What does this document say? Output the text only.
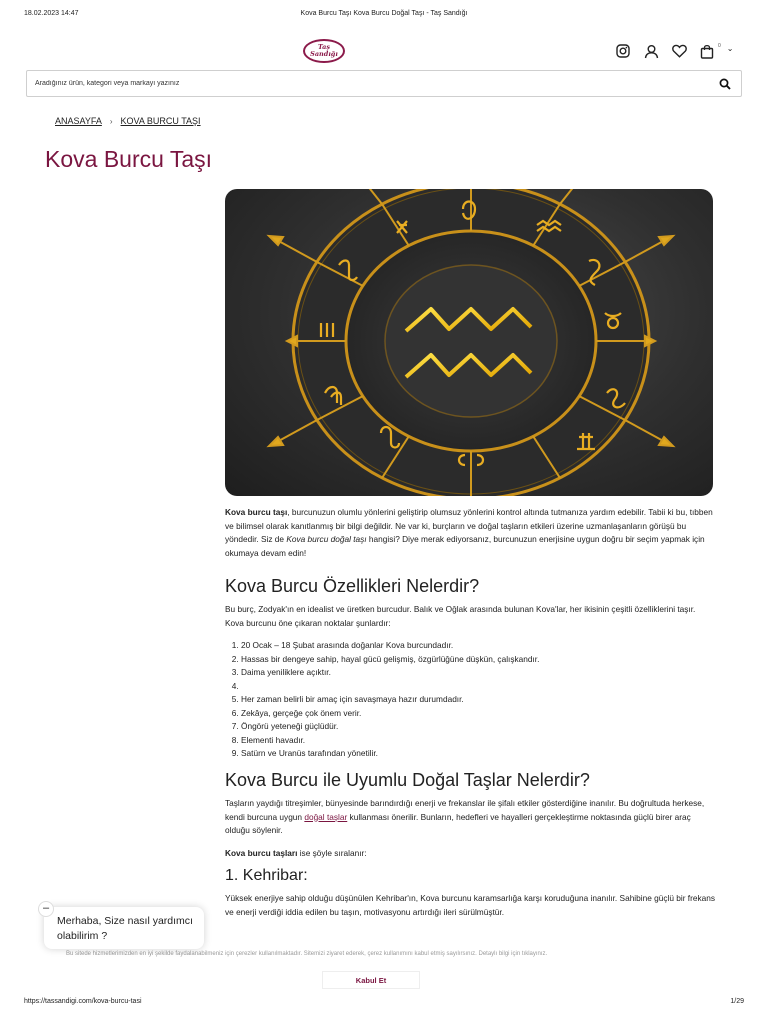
18.02.2023 14:47	Kova Burcu Taşı Kova Burcu Doğal Taşı - Taş Sandığı
Taş
Sandığı
0 ⌄
Aradığınız ürün, kategori veya markayı yazınız
ANASAYFA › KOVA BURCU TAŞI
Kova Burcu Taşı

Kova burcu taşı, burcunuzun olumlu yönlerini geliştirip olumsuz yönlerini kontrol altında tutmanıza yardım edebilir. Tabii ki bu, tıbben ve bilimsel olarak kanıtlanmış bir bilgi değildir. Ne var ki, burçların ve doğal taşların etkileri üzerine uzmanlaşanların görüşü bu yöndedir. Siz de Kova burcu doğal taşı hangisi? Diye merak ediyorsanız, burcunuzun enerjisine uygun doğru bir seçim yapmak için okumaya devam edin!

Kova Burcu Özellikleri Nelerdir?

Bu burç, Zodyak'ın en idealist ve üretken burcudur. Balık ve Oğlak arasında bulunan Kova'lar, her ikisinin çeşitli özelliklerini taşır. Kova burcunu öne çıkaran noktalar şunlardır:

1. 20 Ocak – 18 Şubat arasında doğanlar Kova burcundadır.
2. Hassas bir dengeye sahip, hayal gücü gelişmiş, özgürlüğüne düşkün, çalışkandır.
3. Daima yeniliklere açıktır.
4.
5. Her zaman belirli bir amaç için savaşmaya hazır durumdadır.
6. Zekâya, gerçeğe çok önem verir.
7. Öngörü yeteneği güçlüdür.
8. Elementi havadır.
9. Satürn ve Uranüs tarafından yönetilir.
Kova Burcu ile Uyumlu Doğal Taşlar Nelerdir?

Taşların yaydığı titreşimler, bünyesinde barındırdığı enerji ve frekanslar ile şifalı etkiler gösterdiğine inanılır. Bu doğrultuda herkese, kendi burcuna uygun doğal taşlar kullanması önerilir. Bunların, hedefleri ve hayalleri gerçekleştirme noktasında güçlü birer araç olduğu söylenir.

Kova burcu taşları ise şöyle sıralanır:

1. Kehribar:

Yüksek enerjiye sahip olduğu düşünülen Kehribar'ın, Kova burcunu karamsarlığa karşı koruduğuna inanılır. Sahibine güçlü bir frekans ve enerji verdiği iddia edilen bu taşın, motivasyonu artırdığı ileri sürülmüştür.

Bu sitede hizmetlerimizden en iyi şekilde faydalanabilmeniz için çerezler kullanılmaktadır. Sitemizi ziyaret ederek, çerez kullanımını kabul etmiş sayılırsınız. Detaylı bilgi için tıklayınız.
Kabul Et
–
Merhaba, Size nasıl yardımcı olabilirim ?
https://tassandigi.com/kova-burcu-tasi	1/29
